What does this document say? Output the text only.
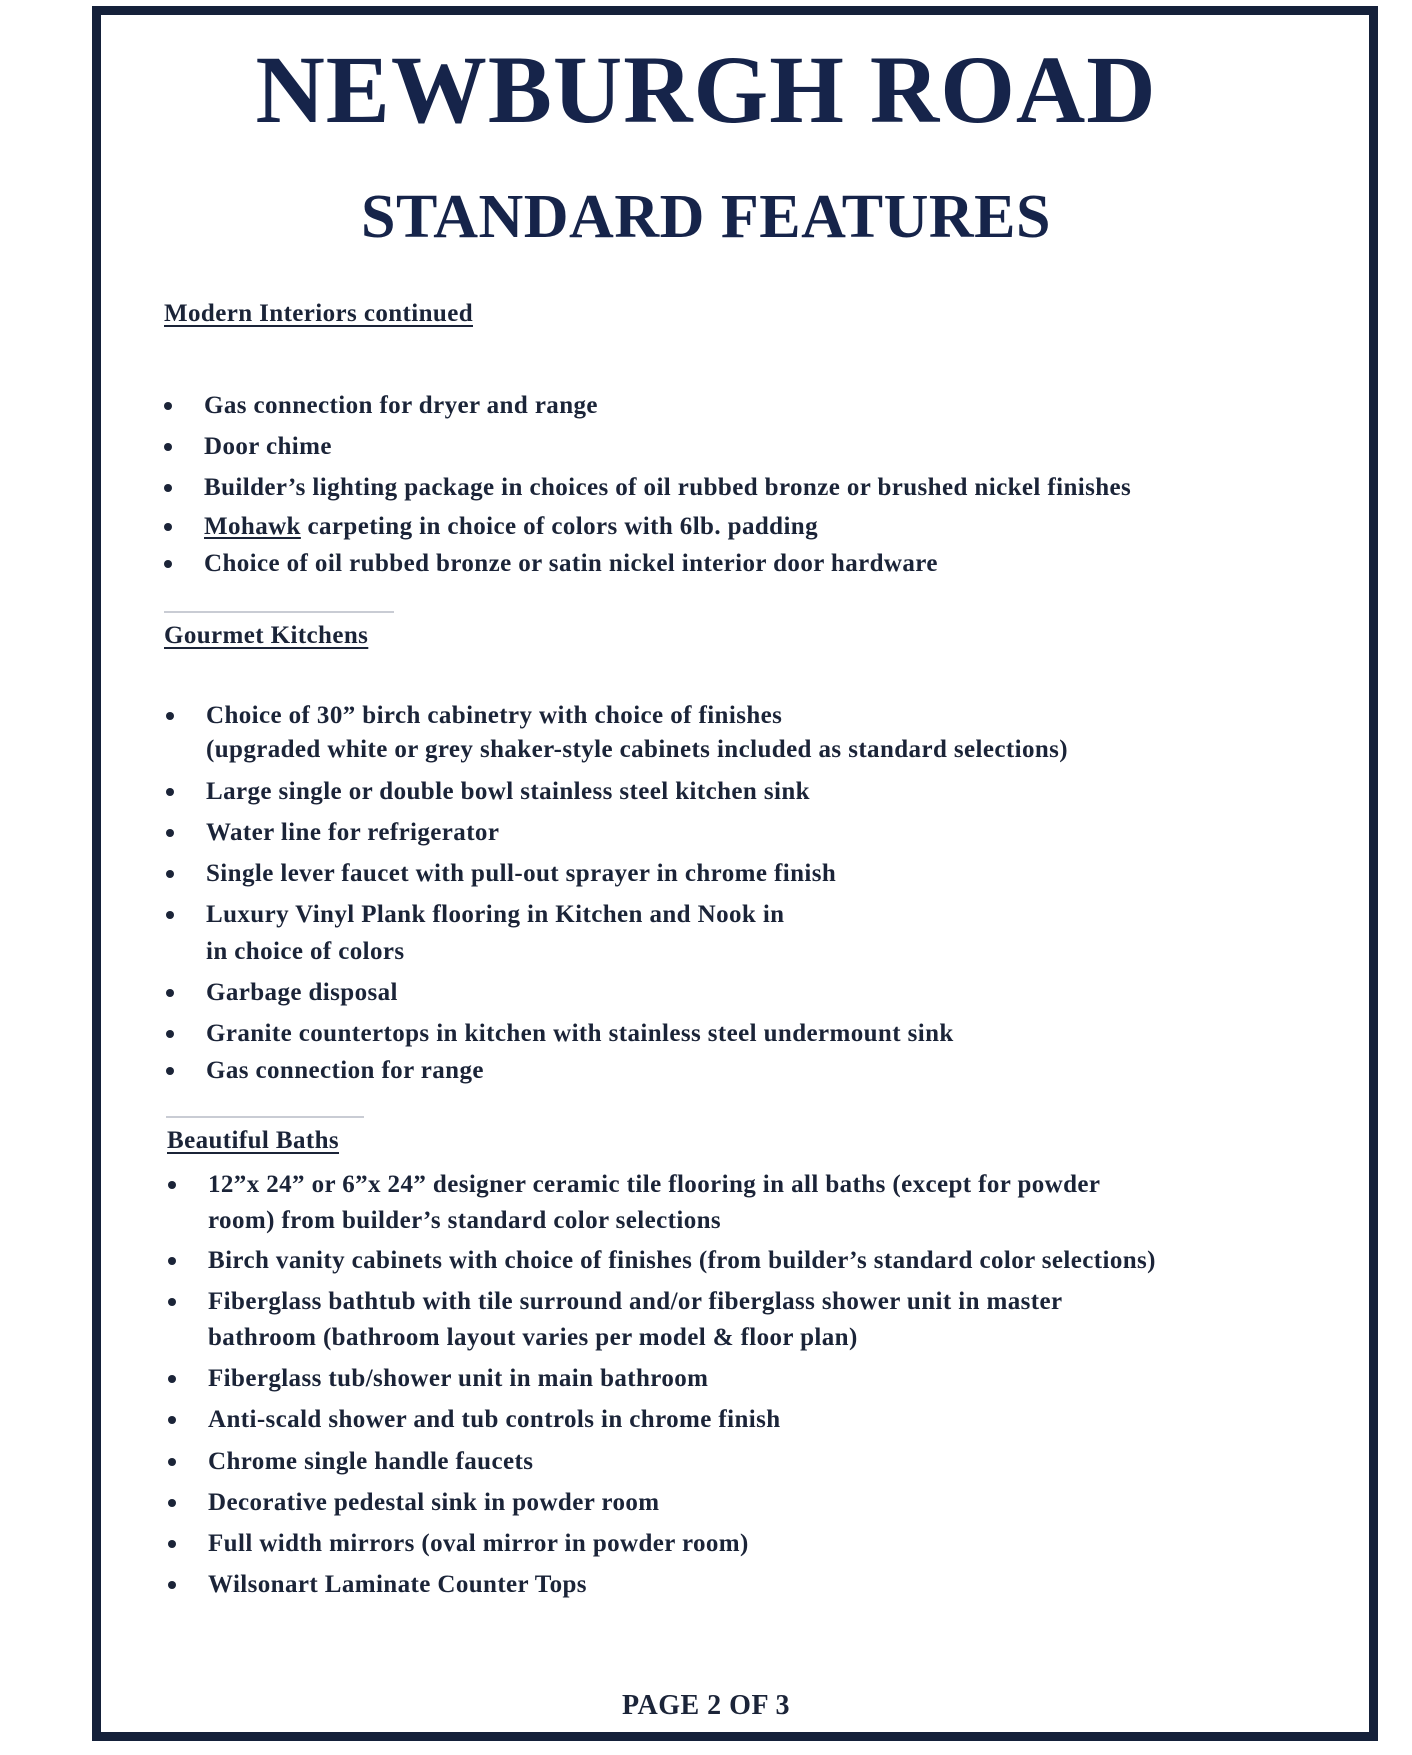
NEWBURGH ROAD
STANDARD FEATURES
Modern Interiors continued
Gas connection for dryer and range
Door chime
Builder’s lighting package in choices of oil rubbed bronze or brushed nickel finishes
Mohawk carpeting in choice of colors with 6lb. padding
Choice of oil rubbed bronze or satin nickel interior door hardware
Gourmet Kitchens
Choice of 30” birch cabinetry with choice of finishes
(upgraded white or grey shaker-style cabinets included as standard selections)
Large single or double bowl stainless steel kitchen sink
Water line for refrigerator
Single lever faucet with pull-out sprayer in chrome finish
Luxury Vinyl Plank flooring in Kitchen and Nook in
in choice of colors
Garbage disposal
Granite countertops in kitchen with stainless steel undermount sink
Gas connection for range
Beautiful Baths
12”x 24” or 6”x 24” designer ceramic tile flooring in all baths (except for powder
room) from builder’s standard color selections
Birch vanity cabinets with choice of finishes (from builder’s standard color selections)
Fiberglass bathtub with tile surround and/or fiberglass shower unit in master
bathroom (bathroom layout varies per model & floor plan)
Fiberglass tub/shower unit in main bathroom
Anti-scald shower and tub controls in chrome finish
Chrome single handle faucets
Decorative pedestal sink in powder room
Full width mirrors (oval mirror in powder room)
Wilsonart Laminate Counter Tops

PAGE 2 OF 3
